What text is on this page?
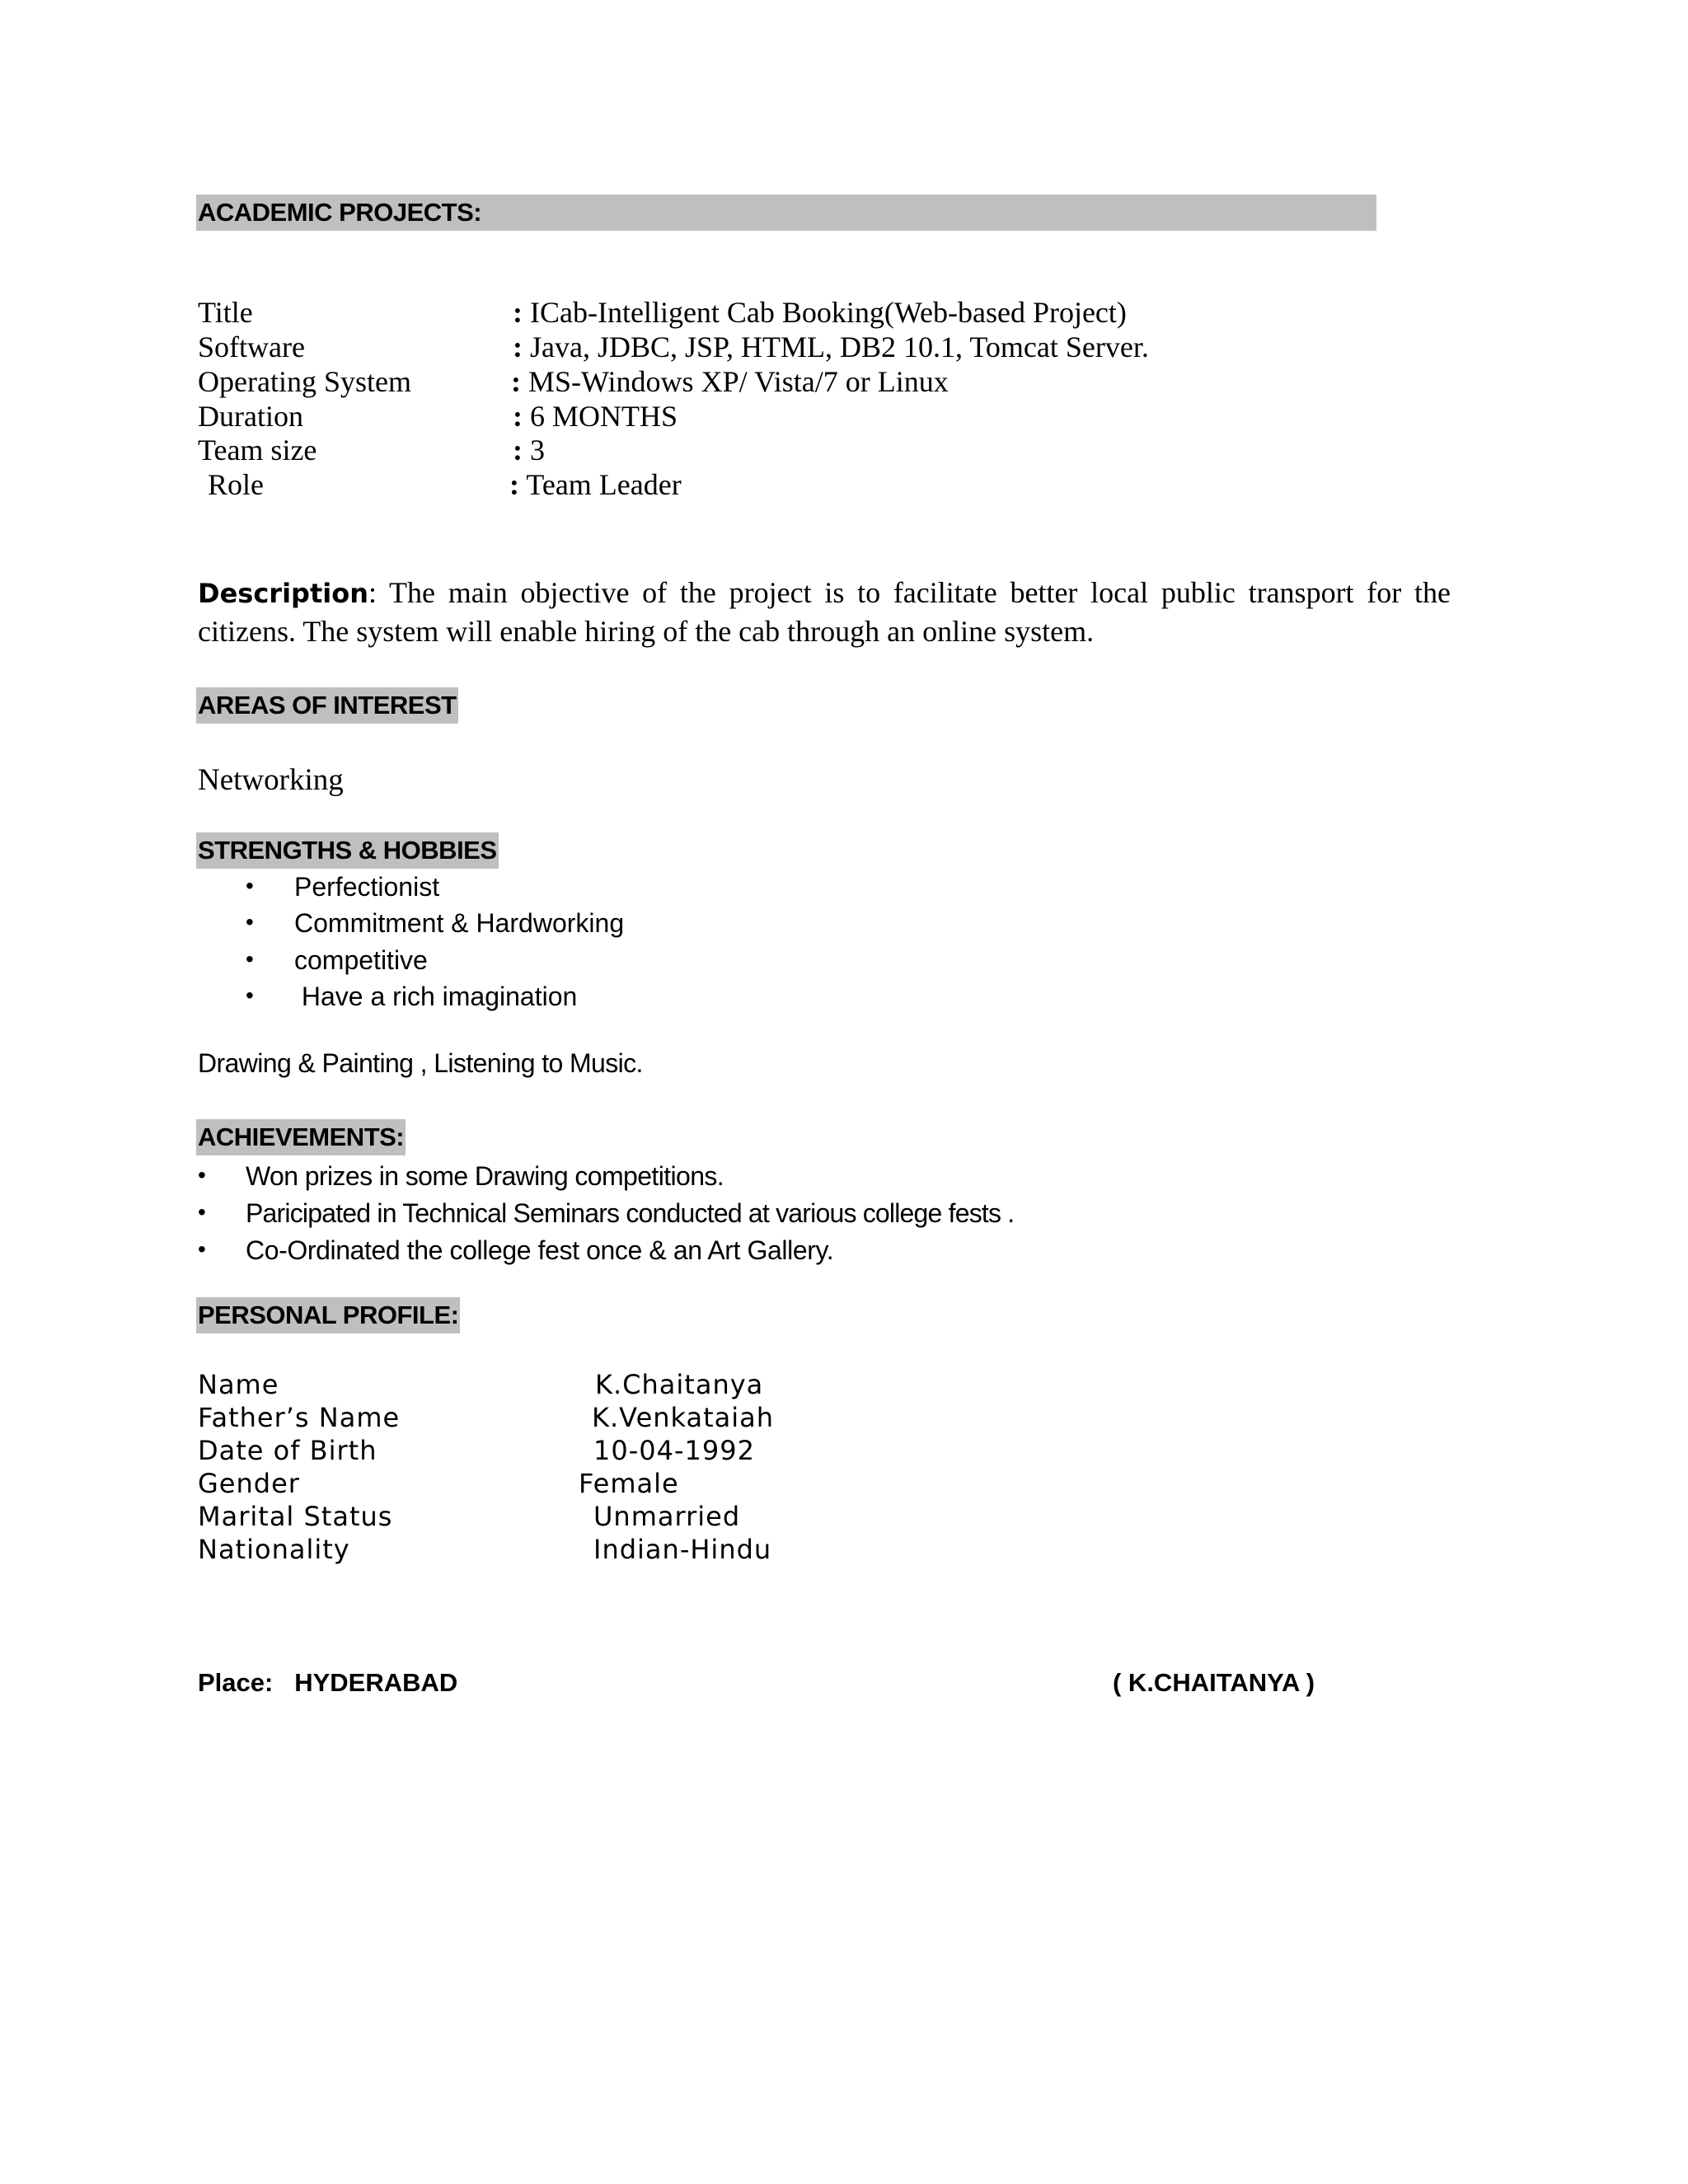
ACADEMIC PROJECTS:
Title	: ICab-Intelligent Cab Booking(Web-based Project)
Software	: Java, JDBC, JSP, HTML, DB2 10.1, Tomcat Server.
Operating System	: MS-Windows XP/ Vista/7 or Linux
Duration	: 6 MONTHS
Team size	: 3
Role	: Team Leader
Description: The main objective of the project is to facilitate better local public transport for the citizens. The system will enable hiring of the cab through an online system.
AREAS OF INTEREST
Networking
STRENGTHS & HOBBIES
• Perfectionist
• Commitment & Hardworking
• competitive
• Have a rich imagination
Drawing & Painting , Listening to Music.
ACHIEVEMENTS:
• Won prizes in some Drawing competitions.
• Paricipated in Technical Seminars conducted at various college fests .
• Co-Ordinated the college fest once & an Art Gallery.
PERSONAL PROFILE:
Name	K.Chaitanya
Father’s Name	K.Venkataiah
Date of Birth	10-04-1992
Gender	Female
Marital Status	Unmarried
Nationality	Indian-Hindu
Place: HYDERABAD	( K.CHAITANYA )
